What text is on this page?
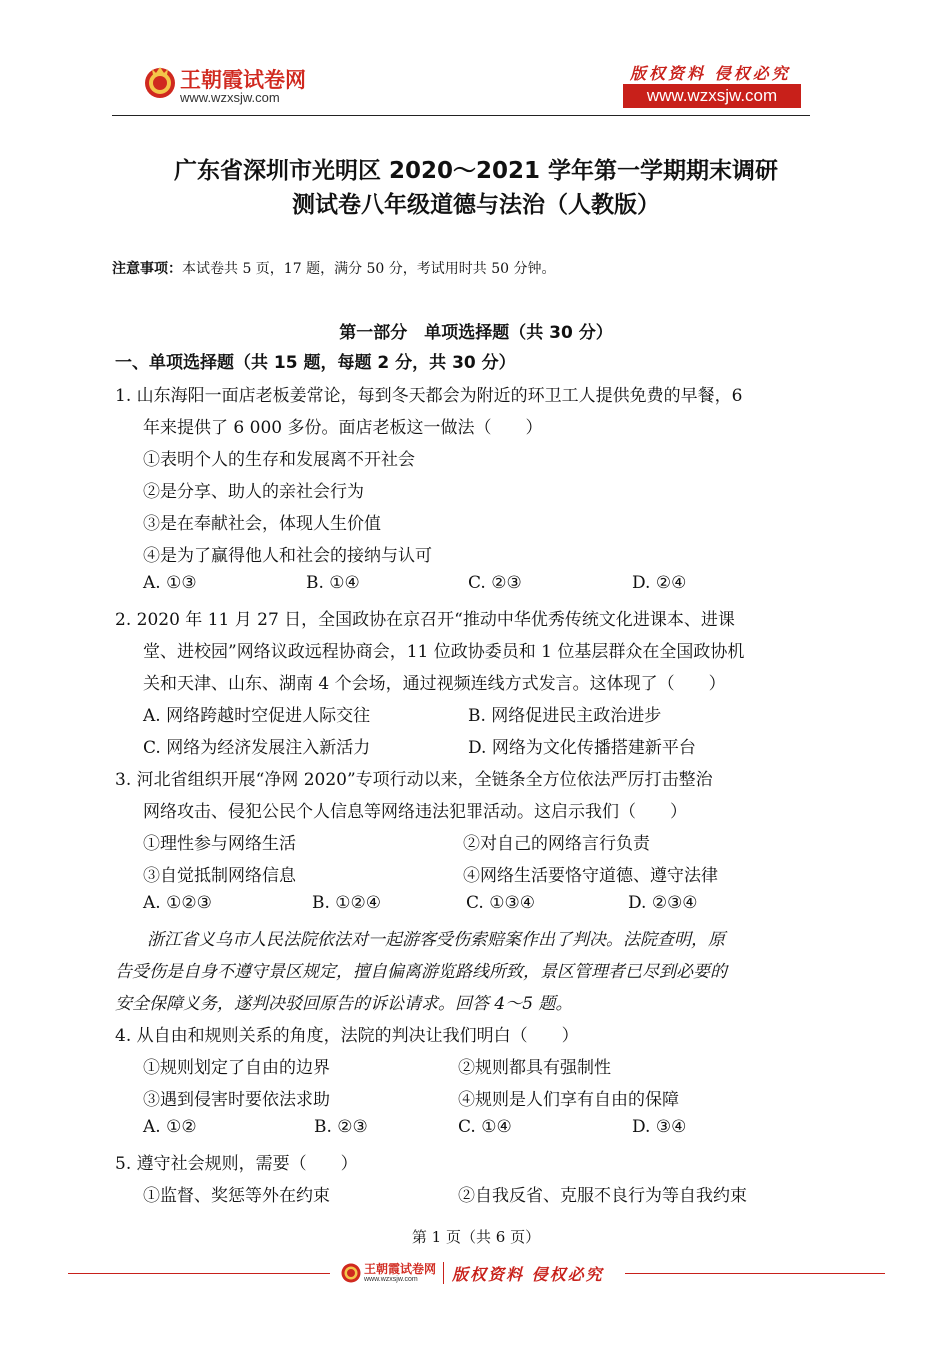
王朝霞试卷网
www.wzxsjw.com
版权资料 侵权必究
www.wzxsjw.com
广东省深圳市光明区 2020～2021 学年第一学期期末调研
测试卷八年级道德与法治（人教版）
注意事项：本试卷共 5 页，17 题，满分 50 分，考试用时共 50 分钟。
第一部分　单项选择题（共 30 分）
一、单项选择题（共 15 题，每题 2 分，共 30 分）
1. 山东海阳一面店老板姜常论，每到冬天都会为附近的环卫工人提供免费的早餐，6
年来提供了 6 000 多份。面店老板这一做法（　　）
①表明个人的生存和发展离不开社会
②是分享、助人的亲社会行为
③是在奉献社会，体现人生价值
④是为了赢得他人和社会的接纳与认可
A. ①③	B. ①④	C. ②③	D. ②④
2. 2020 年 11 月 27 日，全国政协在京召开“推动中华优秀传统文化进课本、进课
堂、进校园”网络议政远程协商会，11 位政协委员和 1 位基层群众在全国政协机
关和天津、山东、湖南 4 个会场，通过视频连线方式发言。这体现了（　　）
A. 网络跨越时空促进人际交往	B. 网络促进民主政治进步
C. 网络为经济发展注入新活力	D. 网络为文化传播搭建新平台
3. 河北省组织开展“净网 2020”专项行动以来，全链条全方位依法严厉打击整治
网络攻击、侵犯公民个人信息等网络违法犯罪活动。这启示我们（　　）
①理性参与网络生活	②对自己的网络言行负责
③自觉抵制网络信息	④网络生活要恪守道德、遵守法律
A. ①②③	B. ①②④	C. ①③④	D. ②③④
浙江省义乌市人民法院依法对一起游客受伤索赔案作出了判决。法院查明，原
告受伤是自身不遵守景区规定，擅自偏离游览路线所致，景区管理者已尽到必要的
安全保障义务，遂判决驳回原告的诉讼请求。回答 4～5 题。
4. 从自由和规则关系的角度，法院的判决让我们明白（　　）
①规则划定了自由的边界	②规则都具有强制性
③遇到侵害时要依法求助	④规则是人们享有自由的保障
A. ①②	B. ②③	C. ①④	D. ③④
5. 遵守社会规则，需要（　　）
①监督、奖惩等外在约束	②自我反省、克服不良行为等自我约束
第 1 页（共 6 页）
王朝霞试卷网
www.wzxsjw.com 版权资料 侵权必究
